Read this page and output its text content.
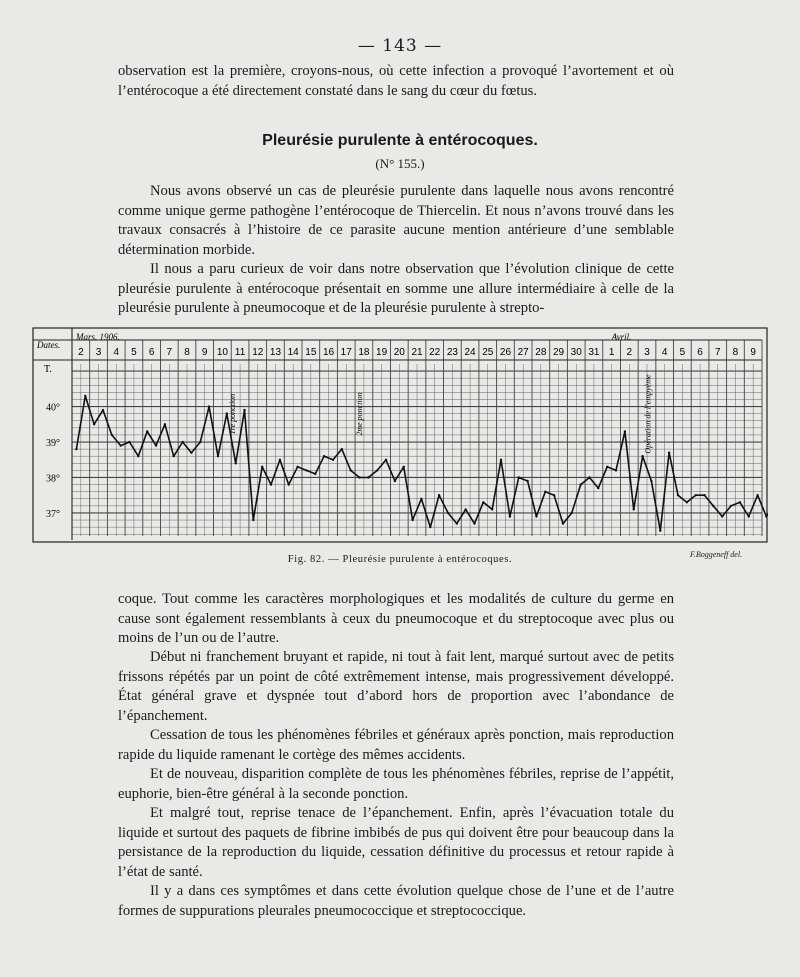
— 143 —
observation est la première, croyons-nous, où cette infection a provoqué l’avortement et où l’entérocoque a été directement constaté dans le sang du cœur du fœtus.
Pleurésie purulente à entérocoques.
(N° 155.)
Nous avons observé un cas de pleurésie purulente dans laquelle nous avons rencontré comme unique germe pathogène l’entérocoque de Thiercelin. Et nous n’avons trouvé dans les travaux consacrés à l’histoire de ce parasite aucune mention antérieure d’une semblable détermination morbide.
Il nous a paru curieux de voir dans notre observation que l’évolution clinique de cette pleurésie purulente à entérocoque présentait en somme une allure intermédiaire à celle de la pleurésie purulente à pneumocoque et de la pleurésie purulente à strepto-
Dates.
T.
Mars. 1906.	Avril.
2 3 4 5 6 7 8 9 10 11 12 13 14 15 16 17 18 19 20 21 22 23 24 25 26 27 28 29 30 31 1 2 3 4 5 6 7 8 9
40°
39°
38°
37°
1re ponction	2me ponction	Opération de l’empyème
Fig. 82. — Pleurésie purulente à entérocoques.	F.Boggeneff del.
coque. Tout comme les caractères morphologiques et les modalités de culture du germe en cause sont également ressemblants à ceux du pneumocoque et du streptocoque avec plus ou moins de l’un ou de l’autre.
Début ni franchement bruyant et rapide, ni tout à fait lent, marqué surtout avec de petits frissons répétés par un point de côté extrêmement intense, mais progressivement développé. État général grave et dyspnée tout d’abord hors de proportion avec l’abondance de l’épanchement.
Cessation de tous les phénomènes fébriles et généraux après ponction, mais reproduction rapide du liquide ramenant le cortège des mêmes accidents.
Et de nouveau, disparition complète de tous les phénomènes fébriles, reprise de l’appétit, euphorie, bien-être général à la seconde ponction.
Et malgré tout, reprise tenace de l’épanchement. Enfin, après l’évacuation totale du liquide et surtout des paquets de fibrine imbibés de pus qui doivent être pour beaucoup dans la persistance de la reproduction du liquide, cessation définitive du processus et retour rapide à l’état de santé.
Il y a dans ces symptômes et dans cette évolution quelque chose de l’une et de l’autre formes de suppurations pleurales pneumococcique et streptococcique.
